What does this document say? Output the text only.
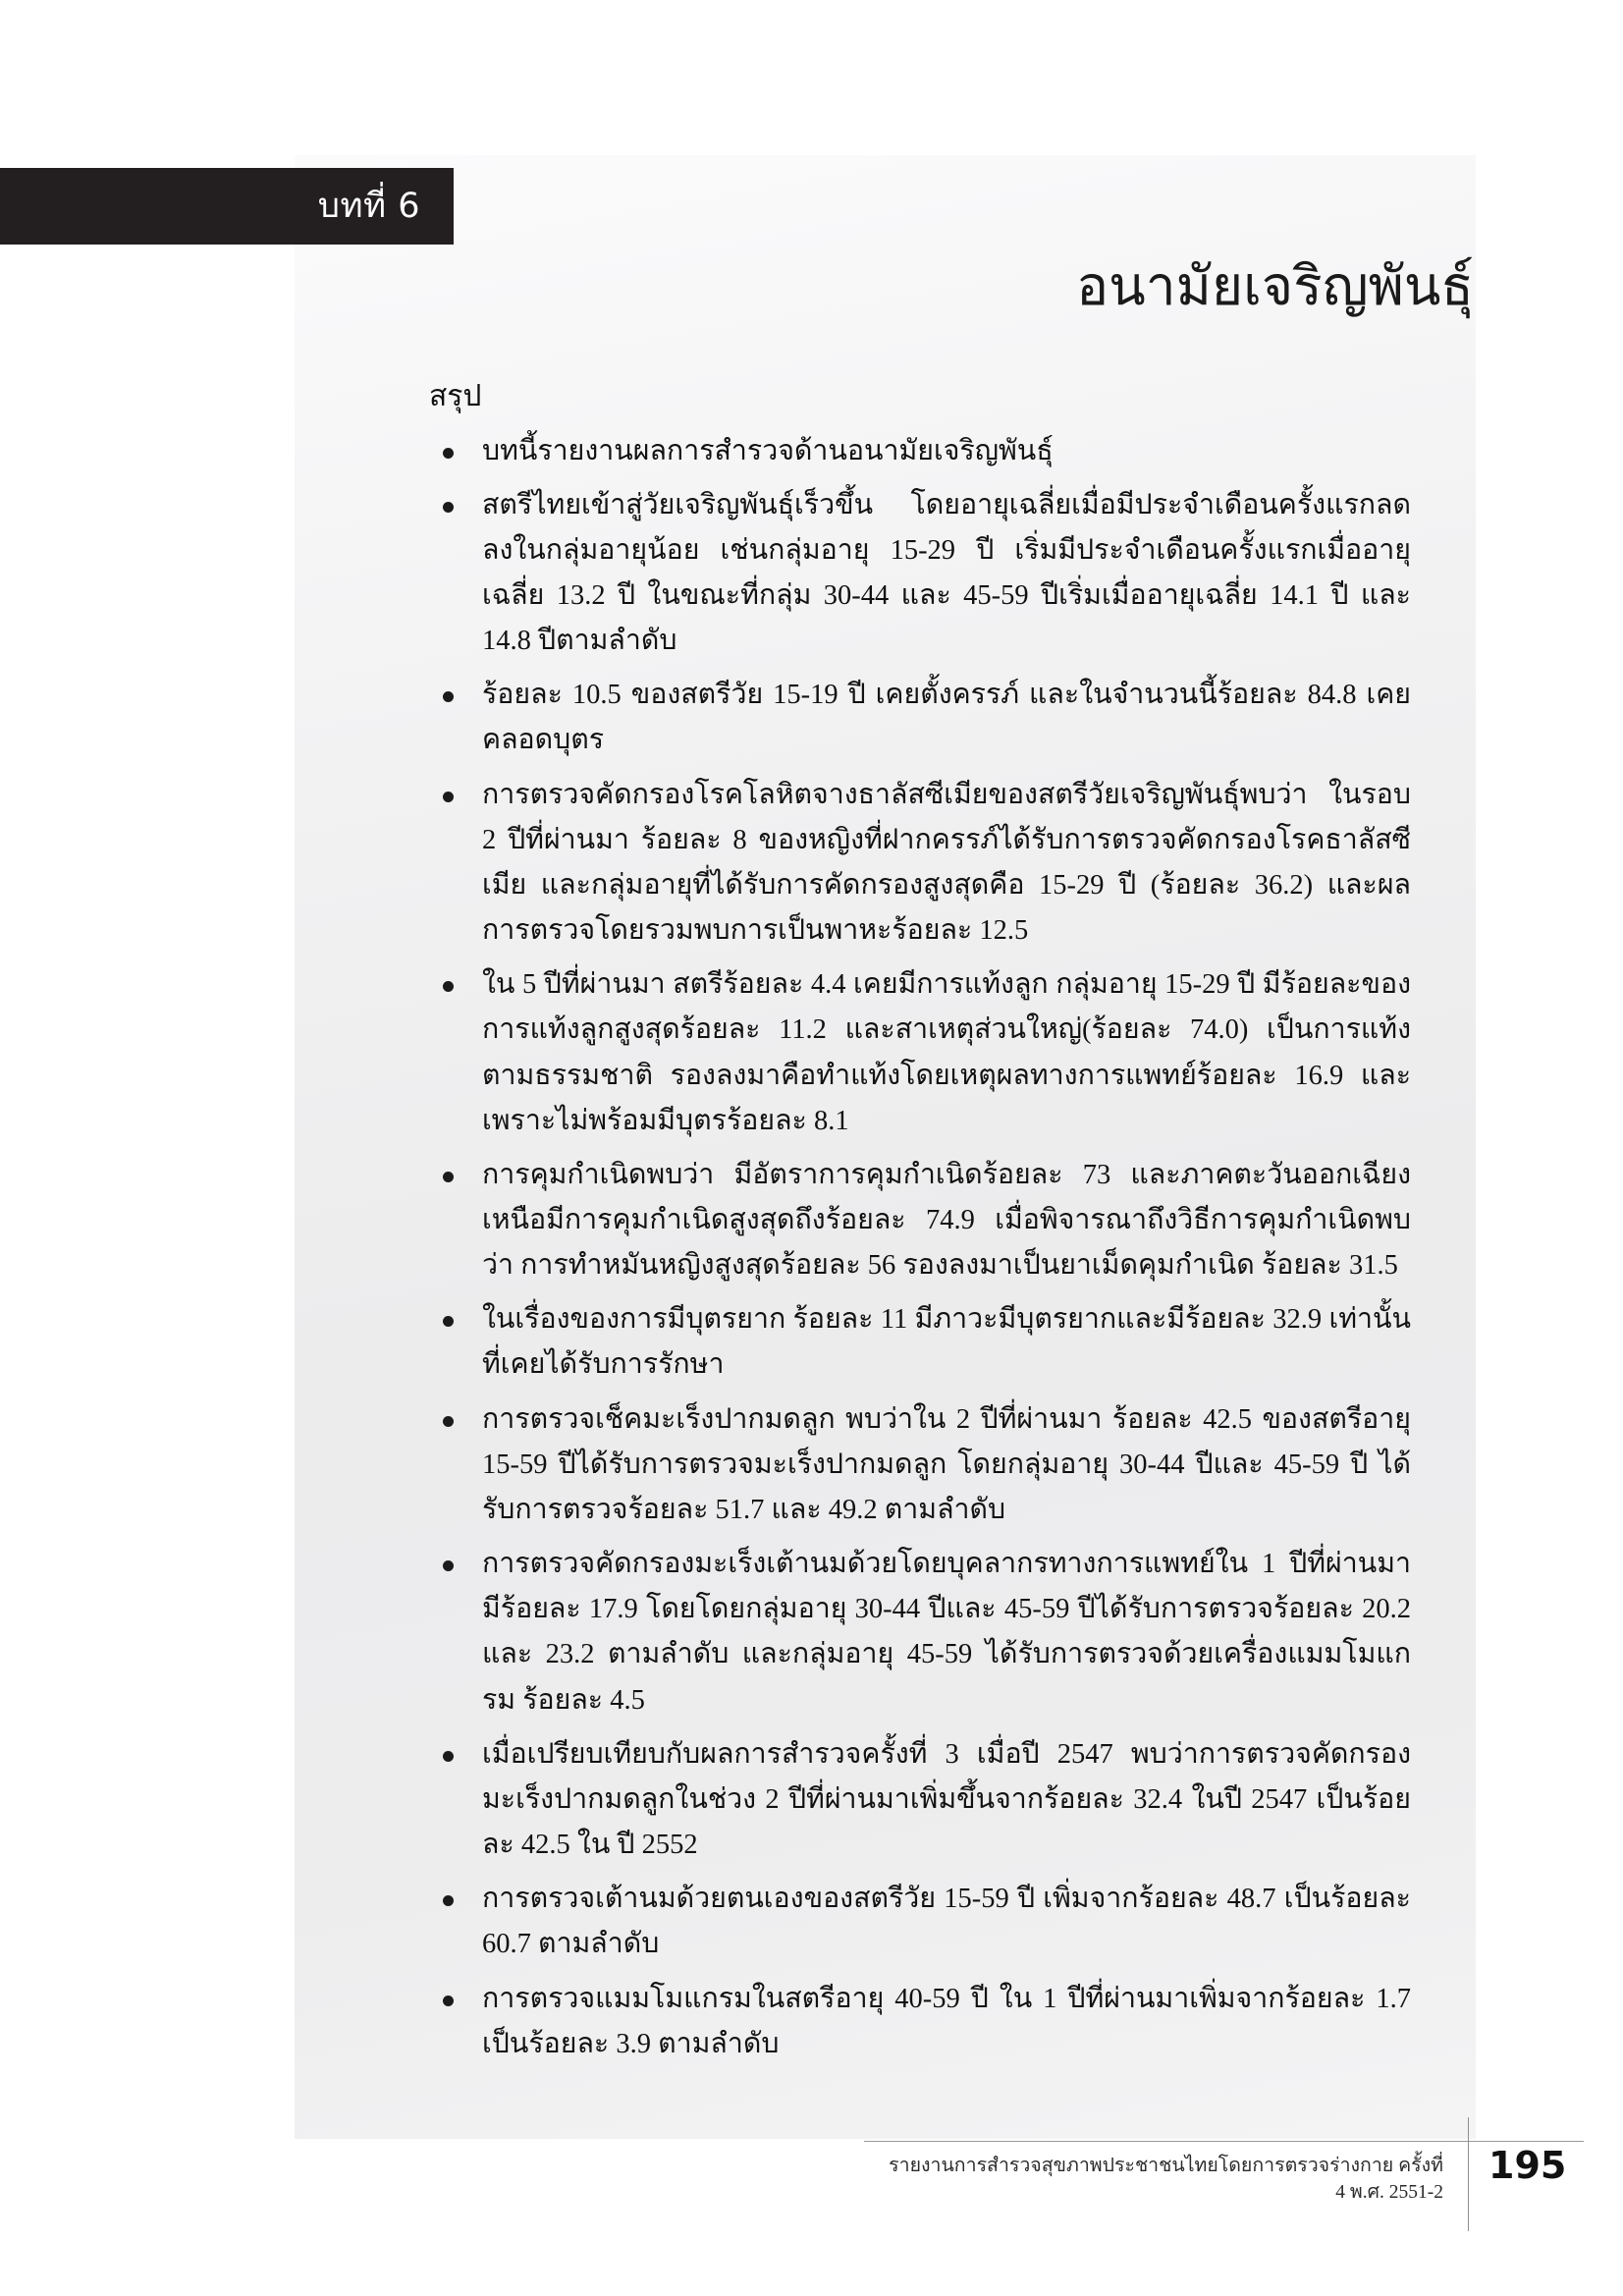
บทที่ 6
อนามัยเจริญพันธุ์
สรุป
บทนี้รายงานผลการสำรวจด้านอนามัยเจริญพันธุ์
สตรีไทยเข้าสู่วัยเจริญพันธุ์เร็วขึ้น โดยอายุเฉลี่ยเมื่อมีประจำเดือนครั้งแรกลดลงในกลุ่มอายุน้อย เช่นกลุ่มอายุ 15-29 ปี เริ่มมีประจำเดือนครั้งแรกเมื่ออายุเฉลี่ย 13.2 ปี ในขณะที่กลุ่ม 30-44 และ 45-59 ปีเริ่มเมื่ออายุเฉลี่ย 14.1 ปี และ 14.8 ปีตามลำดับ
ร้อยละ 10.5 ของสตรีวัย 15-19 ปี เคยตั้งครรภ์ และในจำนวนนี้ร้อยละ 84.8 เคยคลอดบุตร
การตรวจคัดกรองโรคโลหิตจางธาลัสซีเมียของสตรีวัยเจริญพันธุ์พบว่า ในรอบ 2 ปีที่ผ่านมา ร้อยละ 8 ของหญิงที่ฝากครรภ์ได้รับการตรวจคัดกรองโรคธาลัสซีเมีย และกลุ่มอายุที่ได้รับการคัดกรองสูงสุดคือ 15-29 ปี (ร้อยละ 36.2) และผลการตรวจโดยรวมพบการเป็นพาหะร้อยละ 12.5
ใน 5 ปีที่ผ่านมา สตรีร้อยละ 4.4 เคยมีการแท้งลูก กลุ่มอายุ 15-29 ปี มีร้อยละของการแท้งลูกสูงสุดร้อยละ 11.2 และสาเหตุส่วนใหญ่(ร้อยละ 74.0) เป็นการแท้งตามธรรมชาติ รองลงมาคือทำแท้งโดยเหตุผลทางการแพทย์ร้อยละ 16.9 และเพราะไม่พร้อมมีบุตรร้อยละ 8.1
การคุมกำเนิดพบว่า มีอัตราการคุมกำเนิดร้อยละ 73 และภาคตะวันออกเฉียงเหนือมีการคุมกำเนิดสูงสุดถึงร้อยละ 74.9 เมื่อพิจารณาถึงวิธีการคุมกำเนิดพบว่า การทำหมันหญิงสูงสุดร้อยละ 56 รองลงมาเป็นยาเม็ดคุมกำเนิด ร้อยละ 31.5
ในเรื่องของการมีบุตรยาก ร้อยละ 11 มีภาวะมีบุตรยากและมีร้อยละ 32.9 เท่านั้นที่เคยได้รับการรักษา
การตรวจเช็คมะเร็งปากมดลูก พบว่าใน 2 ปีที่ผ่านมา ร้อยละ 42.5 ของสตรีอายุ 15-59 ปีได้รับการตรวจมะเร็งปากมดลูก โดยกลุ่มอายุ 30-44 ปีและ 45-59 ปี ได้รับการตรวจร้อยละ 51.7 และ 49.2 ตามลำดับ
การตรวจคัดกรองมะเร็งเต้านมด้วยโดยบุคลากรทางการแพทย์ใน 1 ปีที่ผ่านมามีร้อยละ 17.9 โดยโดยกลุ่มอายุ 30-44 ปีและ 45-59 ปีได้รับการตรวจร้อยละ 20.2 และ 23.2 ตามลำดับ และกลุ่มอายุ 45-59 ได้รับการตรวจด้วยเครื่องแมมโมแกรม ร้อยละ 4.5
เมื่อเปรียบเทียบกับผลการสำรวจครั้งที่ 3 เมื่อปี 2547 พบว่าการตรวจคัดกรองมะเร็งปากมดลูกในช่วง 2 ปีที่ผ่านมาเพิ่มขึ้นจากร้อยละ 32.4 ในปี 2547 เป็นร้อยละ 42.5 ใน ปี 2552
การตรวจเต้านมด้วยตนเองของสตรีวัย 15-59 ปี เพิ่มจากร้อยละ 48.7 เป็นร้อยละ 60.7 ตามลำดับ
การตรวจแมมโมแกรมในสตรีอายุ 40-59 ปี ใน 1 ปีที่ผ่านมาเพิ่มจากร้อยละ 1.7 เป็นร้อยละ 3.9 ตามลำดับ
รายงานการสำรวจสุขภาพประชาชนไทยโดยการตรวจร่างกาย ครั้งที่ 4 พ.ศ. 2551-2
195
